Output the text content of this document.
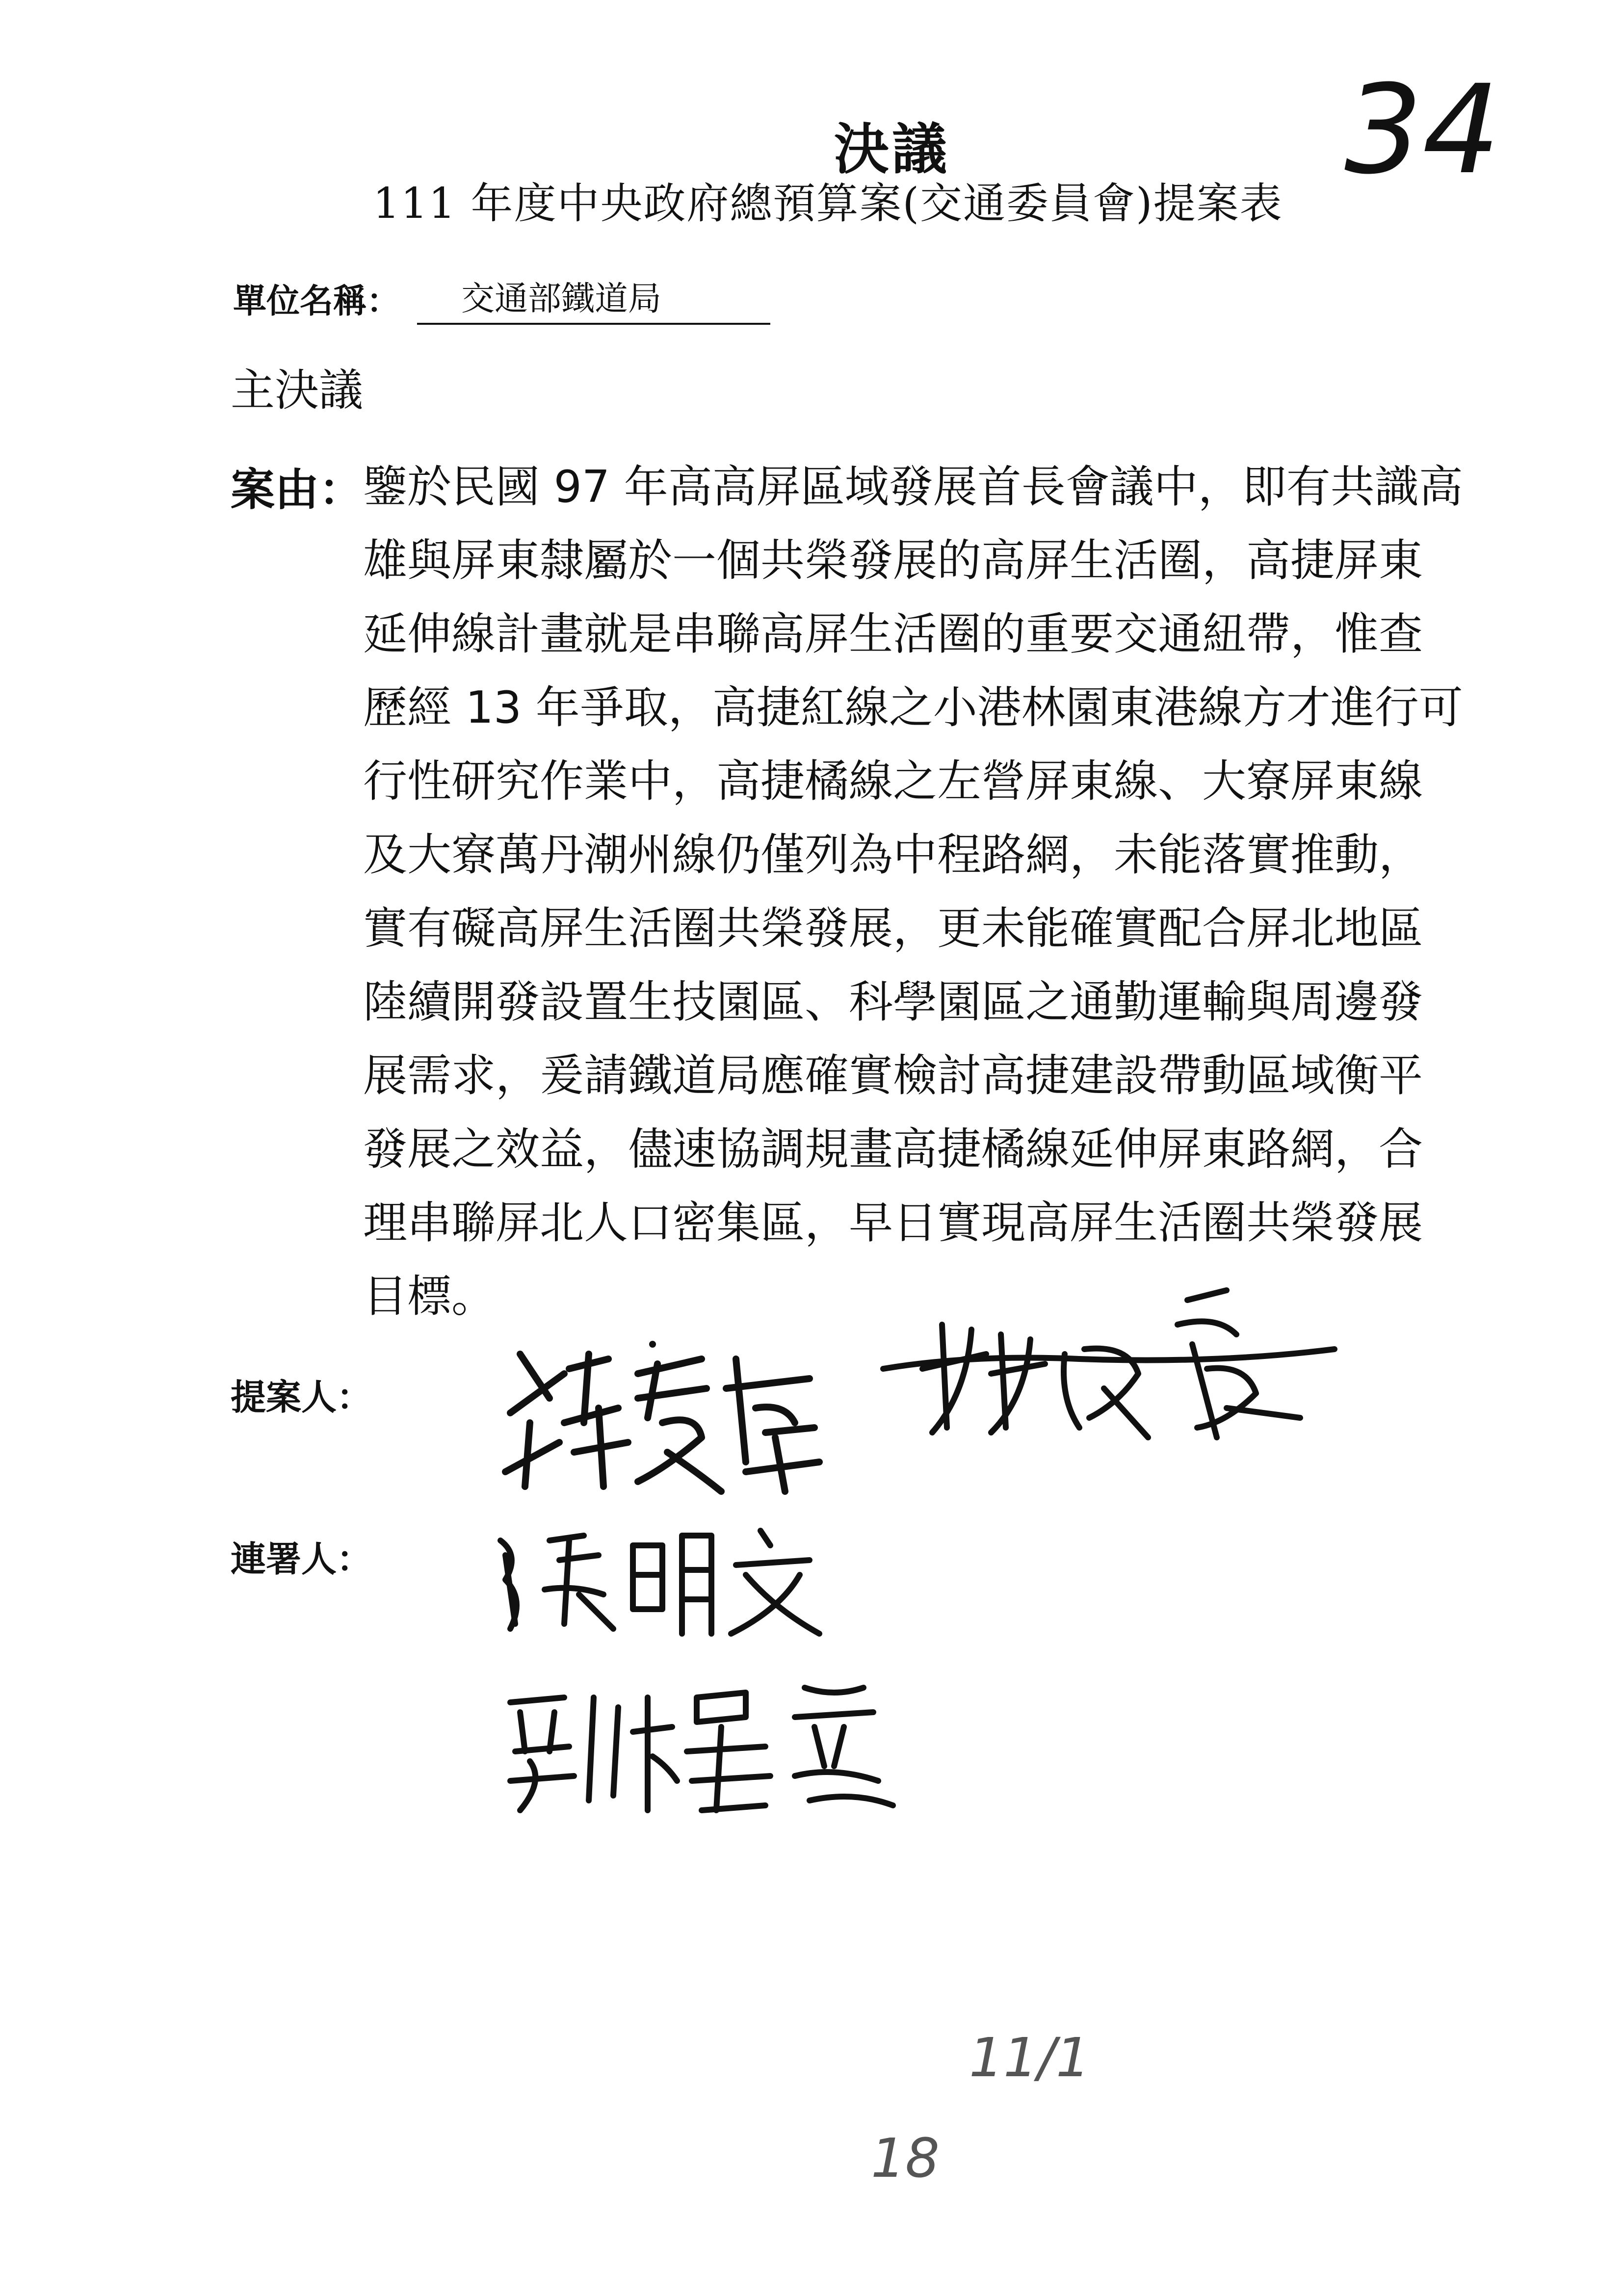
決議	34
111 年度中央政府總預算案(交通委員會)提案表
單位名稱：	交通部鐵道局
主決議
案由： 鑒於民國 97 年高高屏區域發展首長會議中，即有共識高
雄與屏東隸屬於一個共榮發展的高屏生活圈，高捷屏東
延伸線計畫就是串聯高屏生活圈的重要交通紐帶，惟查
歷經 13 年爭取，高捷紅線之小港林園東港線方才進行可
行性研究作業中，高捷橘線之左營屏東線、大寮屏東線
及大寮萬丹潮州線仍僅列為中程路網，未能落實推動，
實有礙高屏生活圈共榮發展，更未能確實配合屏北地區
陸續開發設置生技園區、科學園區之通勤運輸與周邊發
展需求，爰請鐵道局應確實檢討高捷建設帶動區域衡平
發展之效益，儘速協調規畫高捷橘線延伸屏東路網，合
理串聯屏北人口密集區，早日實現高屏生活圈共榮發展
目標。
提案人：
連署人：
11/1
18
